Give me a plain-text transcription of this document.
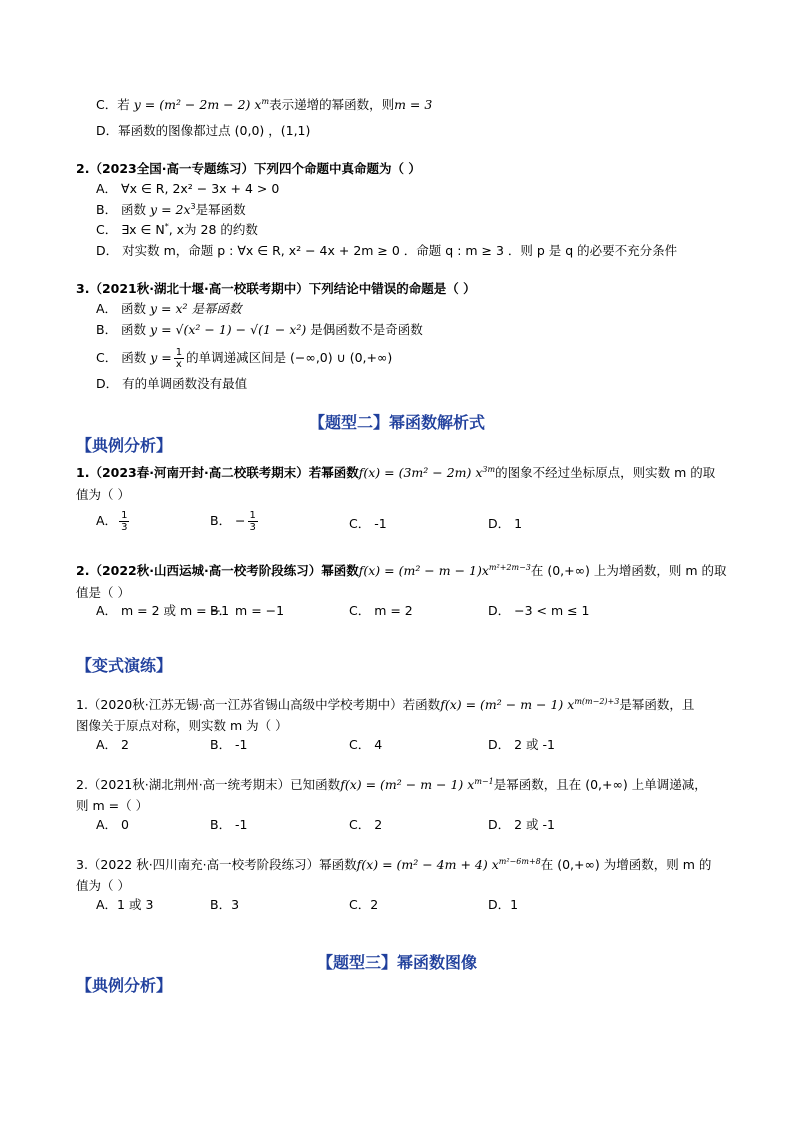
C．若 y = (m² − 2m − 2) $x^m$表示递增的幂函数，则m = 3
D．幂函数的图像都过点 (0,0) ，(1,1)
2.（2023全国·高一专题练习）下列四个命题中真命题为（ ）
A． ∀x ∈ R, 2x² − 3x + 4 > 0
B． 函数 $y = 2x^3$是幂函数
C． ∃x ∈ N*, x为 28 的约数
D． 对实数 m，命题 p : ∀x ∈ R, x² − 4x + 2m ≥ 0 ．命题 q : m ≥ 3 ．则 p 是 q 的必要不充分条件
3.（2021秋·湖北十堰·高一校联考期中）下列结论中错误的命题是（ ）
A． 函数 y = x² 是幂函数
B． 函数 y = √(x² − 1) − √(1 − x²) 是偶函数不是奇函数
C． 函数 $y = \frac{1}{x}$ 的单调递减区间是 (−∞,0) ∪ (0,+∞)
D． 有的单调函数没有最值
【题型二】幂函数解析式
【典例分析】
1.（2023春·河南开封·高二校联考期末）若幂函数f(x) = (3m² − 2m) $x^{3m}$的图象不经过坐标原点，则实数 m 的取
值为（ ）
A． $\frac{1}{3}$	B． − $\frac{1}{3}$	C． -1	D． 1
2.（2022秋·山西运城·高一校考阶段练习）幂函数$f(x) = (m^2 - m - 1)x^{m^2+2m-3}$在 (0,+∞) 上为增函数，则 m 的取
值是（ ）
A． m = 2 或 m = −1
B． m = −1	C． m = 2	D． −3 < m ≤ 1
【变式演练】
1.（2020秋·江苏无锡·高一江苏省锡山高级中学校考期中）若函数f(x) = (m² − m − 1) $x^{m(m-2)+3}$是幂函数，且
图像关于原点对称，则实数 m 为（ ）
A． 2	B． -1	C． 4	D． 2 或 -1
2.（2021秋·湖北荆州·高一统考期末）已知函数f(x) = (m² − m − 1) $x^{m-1}$是幂函数，且在 (0,+∞) 上单调递减，
则 m =（ ）
A． 0	B． -1	C． 2	D． 2 或 -1
3.（2022 秋·四川南充·高一校考阶段练习）幂函数f(x) = (m² − 4m + 4) $x^{m^2-6m+8}$在 (0,+∞) 为增函数，则 m 的
值为（ ）
A．1 或 3	B．3	C．2	D．1
【题型三】幂函数图像
【典例分析】
